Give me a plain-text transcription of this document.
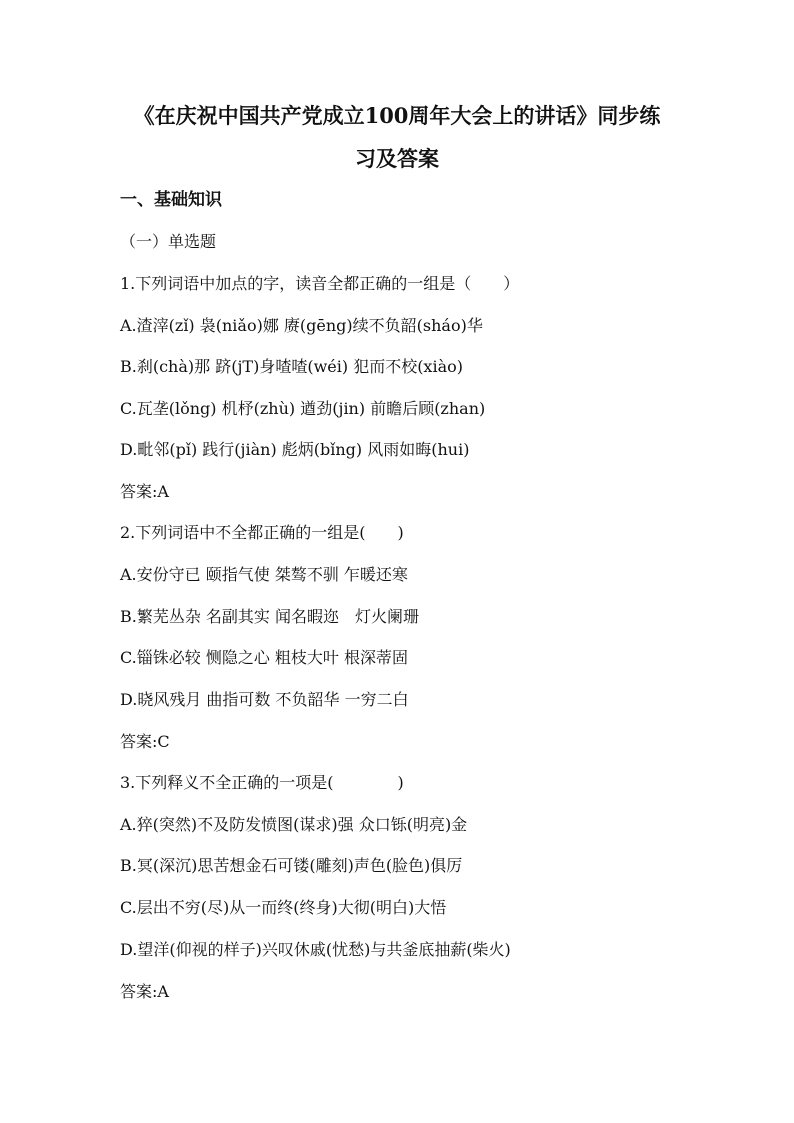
《在庆祝中国共产党成立100周年大会上的讲话》同步练
习及答案
一、基础知识
（一）单选题
1.下列词语中加点的字，读音全都正确的一组是（　　）
A.渣滓(zǐ) 袅(niǎo)娜 赓(gēng)续不负韶(sháo)华
B.刹(chà)那 跻(jT)身喳喳(wéi) 犯而不校(xiào)
C.瓦垄(lǒng) 机杼(zhù) 遒劲(jin) 前瞻后顾(zhan)
D.毗邻(pǐ) 践行(jiàn) 彪炳(bǐng) 风雨如晦(hui)
答案:A
2.下列词语中不全都正确的一组是(　　)
A.安份守已 颐指气使 桀骜不驯 乍暖还寒
B.繁芜丛杂 名副其实 闻名暇迩　灯火阑珊
C.锱铢必较 恻隐之心 粗枝大叶 根深蒂固
D.晓风残月 曲指可数 不负韶华 一穷二白
答案:C
3.下列释义不全正确的一项是(　　　　)
A.猝(突然)不及防发愤图(谋求)强 众口铄(明亮)金
B.冥(深沉)思苦想金石可镂(雕刻)声色(脸色)俱厉
C.层出不穷(尽)从一而终(终身)大彻(明白)大悟
D.望洋(仰视的样子)兴叹休戚(忧愁)与共釜底抽薪(柴火)
答案:A
